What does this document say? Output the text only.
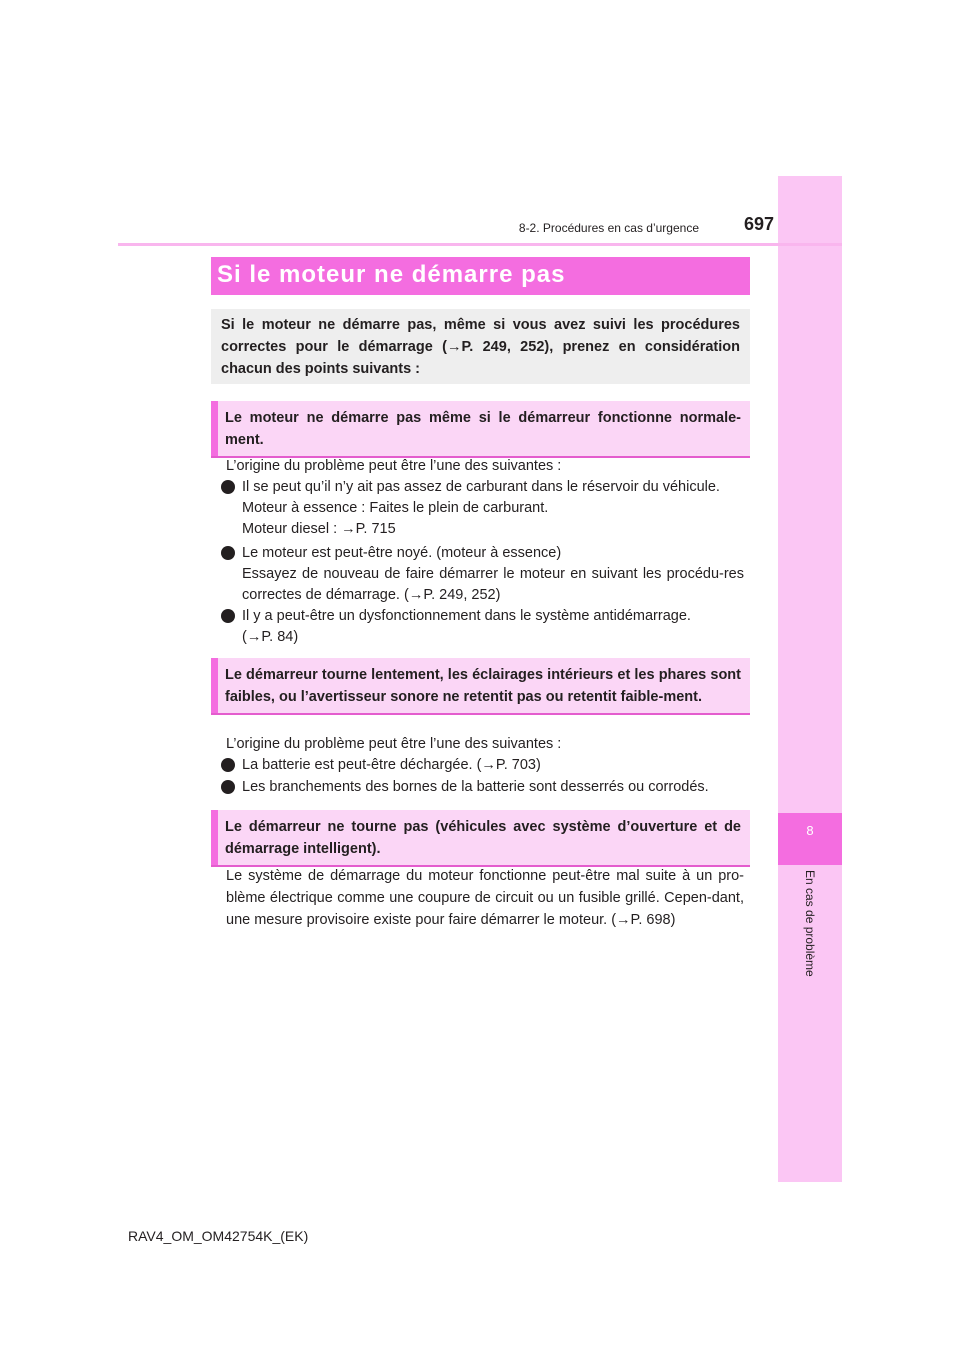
8
En cas de problème
8-2. Procédures en cas d’urgence	697
Si le moteur ne démarre pas

Si le moteur ne démarre pas, même si vous avez suivi les procédures correctes pour le démarrage (→P. 249, 252), prenez en considération chacun des points suivants :

Le moteur ne démarre pas même si le démarreur fonctionne normale-ment.

L’origine du problème peut être l’une des suivantes :

Il se peut qu’il n’y ait pas assez de carburant dans le réservoir du véhicule.
Moteur à essence : Faites le plein de carburant.
Moteur diesel : →P. 715
Le moteur est peut-être noyé. (moteur à essence)
Essayez de nouveau de faire démarrer le moteur en suivant les procédu-res correctes de démarrage. (→P. 249, 252)
Il y a peut-être un dysfonctionnement dans le système antidémarrage.
(→P. 84)

Le démarreur tourne lentement, les éclairages intérieurs et les phares sont faibles, ou l’avertisseur sonore ne retentit pas ou retentit faible-ment.

L’origine du problème peut être l’une des suivantes :

La batterie est peut-être déchargée. (→P. 703)
Les branchements des bornes de la batterie sont desserrés ou corrodés.

Le démarreur ne tourne pas (véhicules avec système d’ouverture et de démarrage intelligent).

Le système de démarrage du moteur fonctionne peut-être mal suite à un pro-blème électrique comme une coupure de circuit ou un fusible grillé. Cepen-dant, une mesure provisoire existe pour faire démarrer le moteur. (→P. 698)

RAV4_OM_OM42754K_(EK)
